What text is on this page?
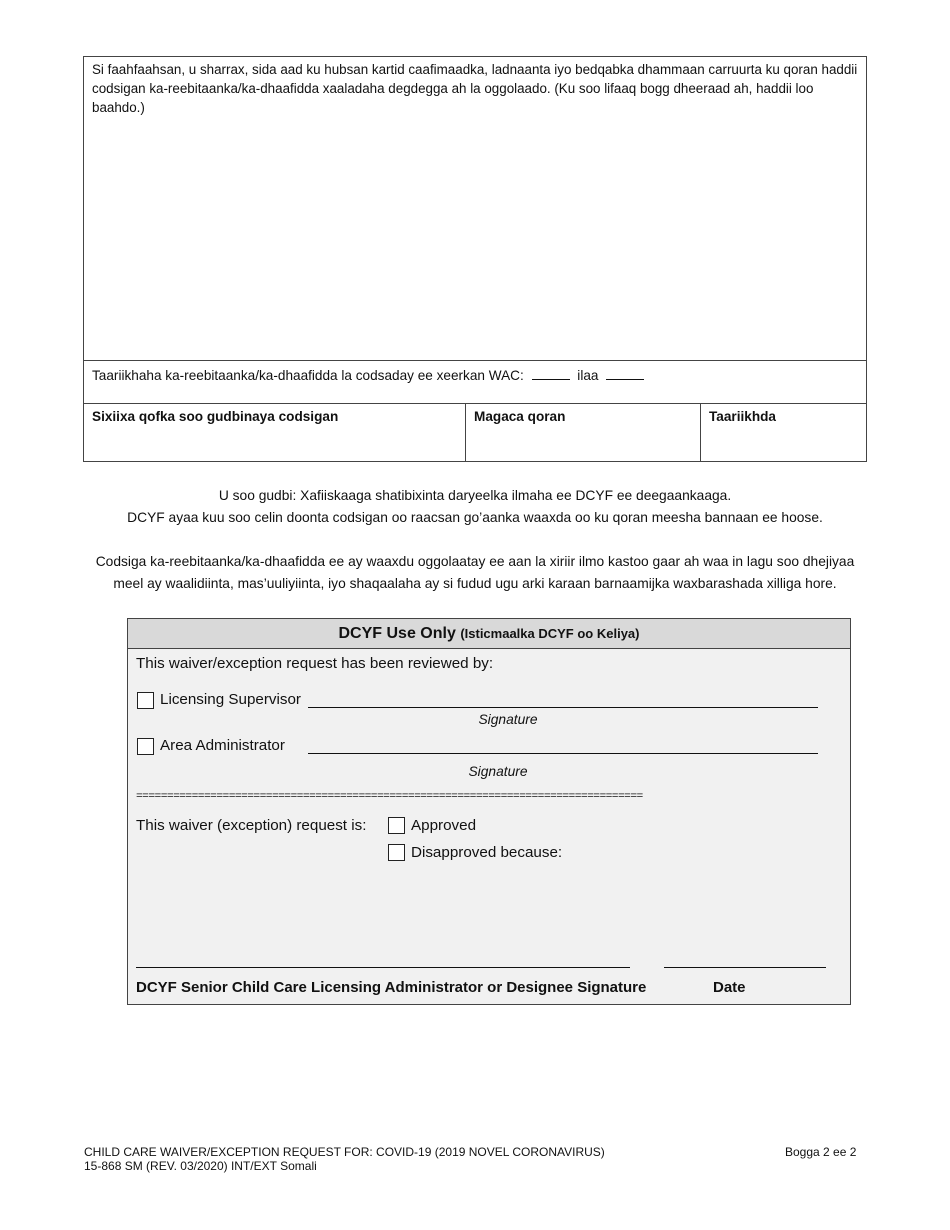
Si faahfaahsan, u sharrax, sida aad ku hubsan kartid caafimaadka, ladnaanta iyo bedqabka dhammaan carruurta ku qoran haddii codsigan ka-reebitaanka/ka-dhaafidda xaaladaha degdegga ah la oggolaado. (Ku soo lifaaq bogg dheeraad ah, haddii loo baahdo.)
Taariikhaha ka-reebitaanka/ka-dhaafidda la codsaday ee xeerkan WAC:	ilaa
Sixiixa qofka soo gudbinaya codsigan	Magaca qoran	Taariikhda
U soo gudbi: Xafiiskaaga shatibixinta daryeelka ilmaha ee DCYF ee deegaankaaga.
DCYF ayaa kuu soo celin doonta codsigan oo raacsan go’aanka waaxda oo ku qoran meesha bannaan ee hoose.
Codsiga ka-reebitaanka/ka-dhaafidda ee ay waaxdu oggolaatay ee aan la xiriir ilmo kastoo gaar ah waa in lagu soo dhejiyaa
meel ay waalidiinta, mas’uuliyiinta, iyo shaqaalaha ay si fudud ugu arki karaan barnaamijka waxbarashada xilliga hore.
DCYF Use Only (Isticmaalka DCYF oo Keliya)
This waiver/exception request has been reviewed by:
Licensing Supervisor
Signature
Area Administrator
Signature
==================================================================================
This waiver (exception) request is:	Approved
Disapproved because:
DCYF Senior Child Care Licensing Administrator or Designee Signature	Date
CHILD CARE WAIVER/EXCEPTION REQUEST FOR: COVID-19 (2019 NOVEL CORONAVIRUS)
15-868 SM (REV. 03/2020) INT/EXT Somali
Bogga 2 ee 2
